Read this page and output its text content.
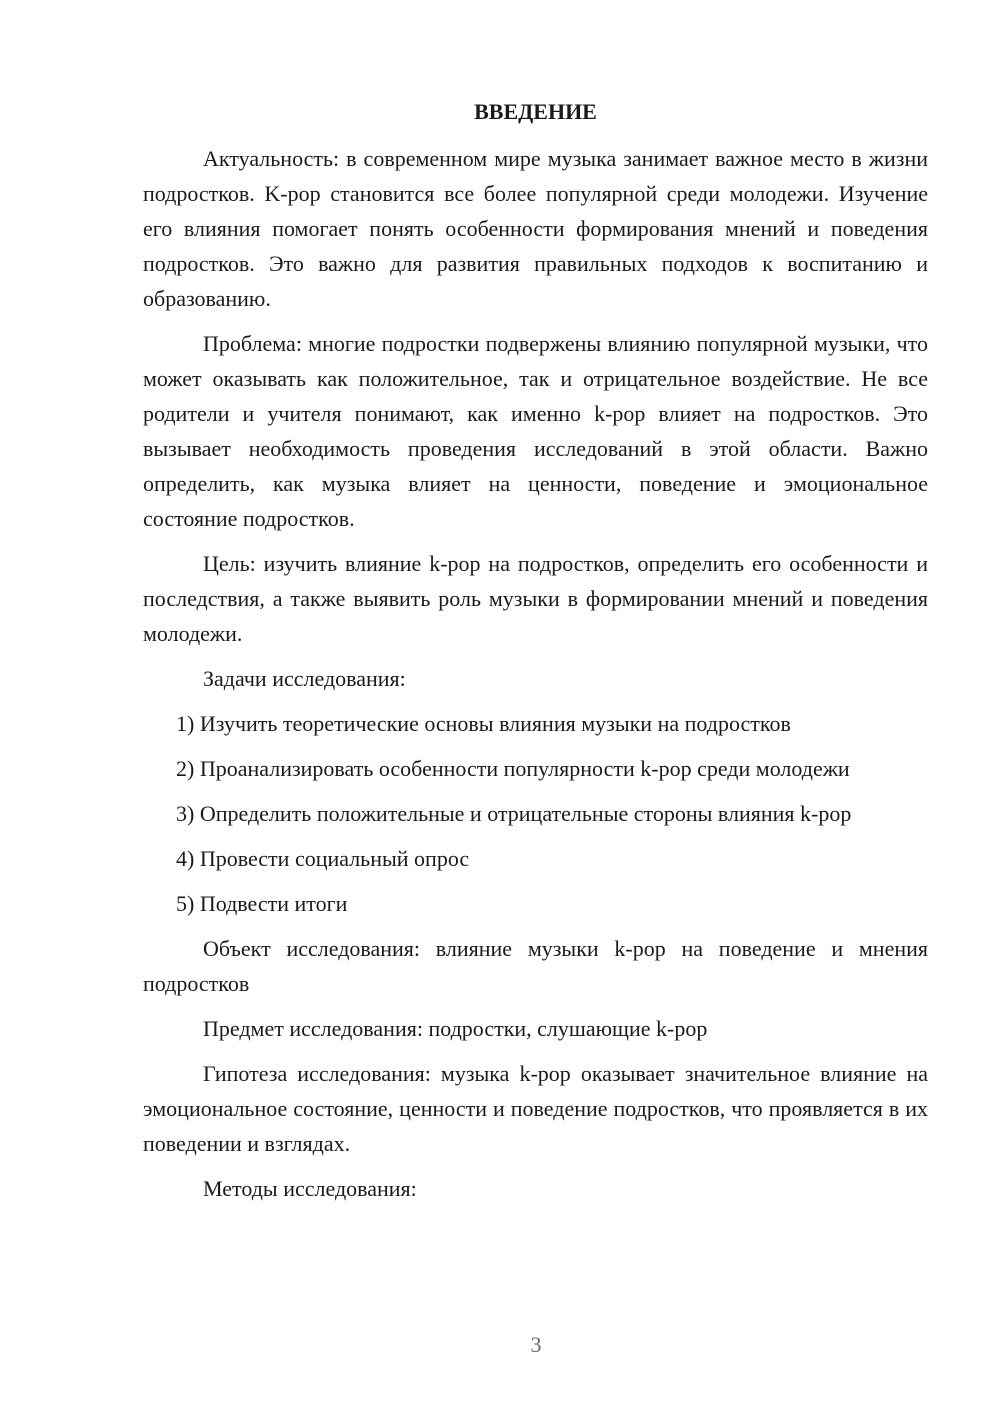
ВВЕДЕНИЕ

Актуальность: в современном мире музыка занимает важное место в жизни подростков. K-pop становится все более популярной среди молодежи. Изучение его влияния помогает понять особенности формирования мнений и поведения подростков. Это важно для развития правильных подходов к воспитанию и образованию.

Проблема: многие подростки подвержены влиянию популярной музыки, что может оказывать как положительное, так и отрицательное воздействие. Не все родители и учителя понимают, как именно k-pop влияет на подростков. Это вызывает необходимость проведения исследований в этой области. Важно определить, как музыка влияет на ценности, поведение и эмоциональное состояние подростков.

Цель: изучить влияние k-pop на подростков, определить его особенности и последствия, а также выявить роль музыки в формировании мнений и поведения молодежи.

Задачи исследования:

1) Изучить теоретические основы влияния музыки на подростков

2) Проанализировать особенности популярности k-pop среди молодежи

3) Определить положительные и отрицательные стороны влияния k-pop

4) Провести социальный опрос

5) Подвести итоги

Объект исследования: влияние музыки k-pop на поведение и мнения подростков

Предмет исследования: подростки, слушающие k-pop

Гипотеза исследования: музыка k-pop оказывает значительное влияние на эмоциональное состояние, ценности и поведение подростков, что проявляется в их поведении и взглядах.

Методы исследования:

3
